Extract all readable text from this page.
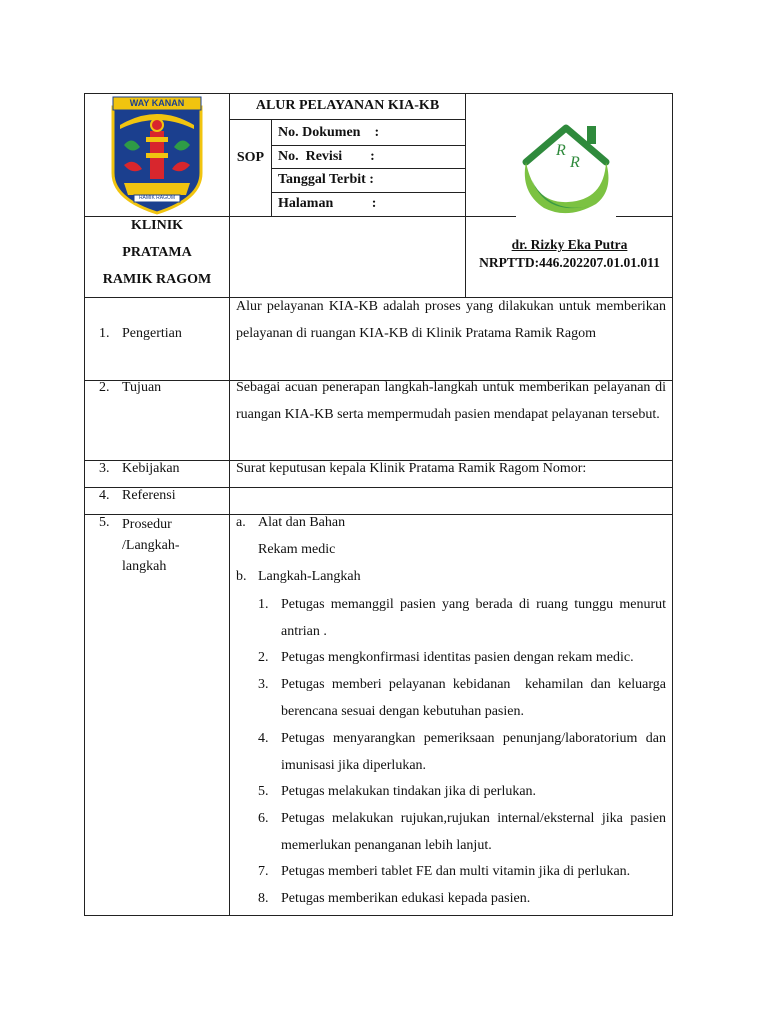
WAY KANAN
RAMIK RAGOM
ALUR PELAYANAN KIA-KB
SOP
No. Dokumen    :
No.  Revisi        :
Tanggal Terbit :
Halaman           :
R
R
KLINIK
PRATAMA
RAMIK RAGOM
dr. Rizky Eka Putra
NRPTTD:446.202207.01.01.011
1. Pengertian
Alur pelayanan KIA-KB adalah proses yang dilakukan untuk memberikan pelayanan di ruangan KIA-KB di Klinik Pratama Ramik Ragom
2. Tujuan	Sebagai acuan penerapan langkah-langkah untuk memberikan pelayanan di ruangan KIA-KB serta mempermudah pasien mendapat pelayanan tersebut.
3. Kebijakan	Surat keputusan kepala Klinik Pratama Ramik Ragom Nomor:
4. Referensi
5. Prosedur
/Langkah-
langkah
a. Alat dan Bahan
Rekam medic
b. Langkah-Langkah
1. Petugas memanggil pasien yang berada di ruang tunggu menurut antrian .
2. Petugas mengkonfirmasi identitas pasien dengan rekam medic.
3. Petugas memberi pelayanan kebidanan  kehamilan dan keluarga berencana sesuai dengan kebutuhan pasien.
4. Petugas menyarangkan pemeriksaan penunjang/laboratorium dan imunisasi jika diperlukan.
5. Petugas melakukan tindakan jika di perlukan.
6. Petugas melakukan rujukan,rujukan internal/eksternal jika pasien memerlukan penanganan lebih lanjut.
7. Petugas memberi tablet FE dan multi vitamin jika di perlukan.
8. Petugas memberikan edukasi kepada pasien.
